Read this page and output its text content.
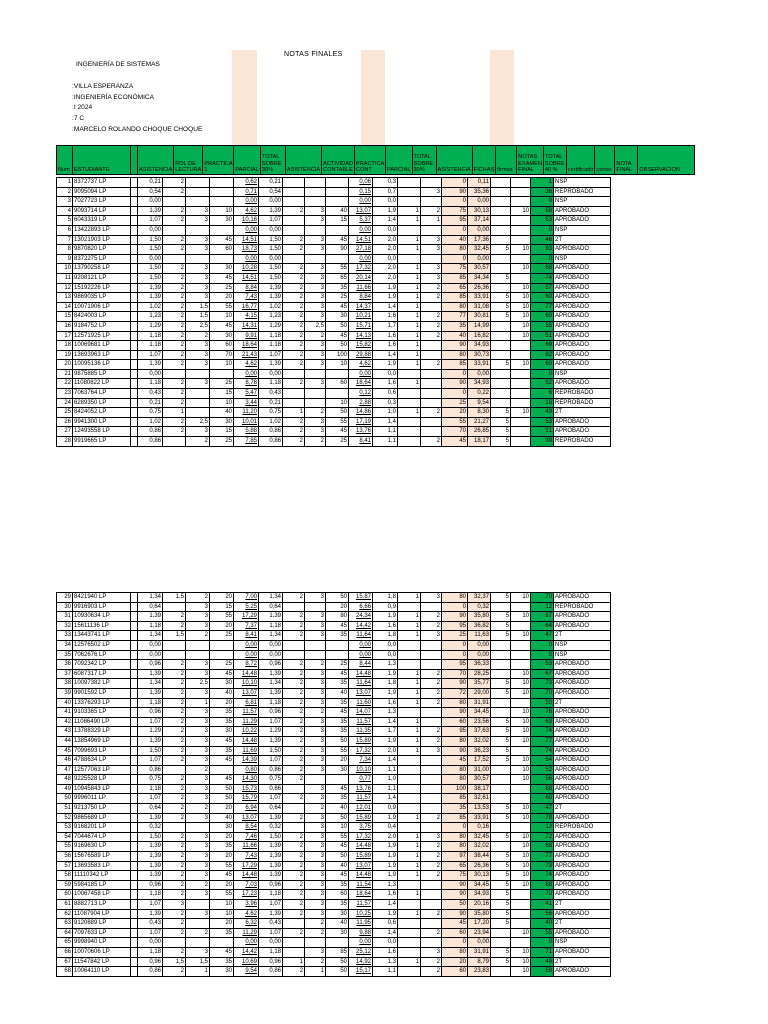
NOTAS FINALES
INGENIERÍA DE SISTEMAS
:VILLA ESPERANZA
:INGENIERÍA ECONÓMICA
:I 2024
:7 C
:MARCELO ROLANDO CHOQUE CHOQUE
Num	ESTUDIANTE		ASISTENCIA	ROL DE LECTURA	PRACTICA 1	PARCIAL	TOTAL SOBRE 30%	ASISTENCIA	ACTIVIDAD CONTABLE	PRACTICA CONT	PARCIAL	TOTAL SOBRE 30%	ASISTENCIA	FICHAS	firmas	NOTAS EXAMEN FINAL	TOTAL SOBRE 40 %	certificado	censo	NOTA FINAL	OBSERVACION
1	8372737 LP		0,21	2			0,62	0,21				0,06	0,3			0	0,11			1	NSP
2	9095094 LP		0,54	2			0,71	0,54				0,15	0,7		3	90	35,36			36	REPROBADO
3	7027723 LP		0,00				0,00	0,00				0,00	0,0			0	0,00			0	NSP
4	9093714 LP		1,39	2	3	10	4,62	1,39	2	3	40	13,07	1,9	1	2	75	30,13		10	58	APROBADO
5	6043319 LP		1,07	2	3	30	10,16	1,07		3	15	5,37	1,4	1	1	95	37,14			53	APROBADO
6	13422893 LP		0,00				0,00	0,00				0,00	0,0			0	0,00			0	NSP
7	13021903 LP		1,50	2	3	45	14,51	1,50	2	3	45	14,51	2,0	1	3	40	17,36			46	2T
8	9870820 LP		1,50	2	3	60	18,73	1,50	2	3	90	27,18	2,0	1	3	80	32,45	5	10	93	APROBADO
9	8372275 LP		0,00				0,00	0,00				0,00	0,0			0	0,00			0	NSP
10	13790258 LP		1,50	2	3	30	10,28	1,50	2	3	55	17,32	2,0	1	3	75	30,57		10	68	APROBADO
11	9208121 LP		1,50	2	3	45	14,51	1,50	2	3	65	20,14	2,0	1	3	85	34,34	5		74	APROBADO
12	15192226 LP		1,39	2	3	25	8,84	1,39	2	3	35	11,66	1,9	1	2	65	26,36		10	57	APROBADO
13	9869035 LP		1,39	2	3	20	7,43	1,39	2	3	25	8,84	1,9	1	2	85	33,91	5	10	60	APROBADO
14	10071906 LP		1,02	2	1,5	55	16,77	1,02	2	3	45	14,37	1,4	1		80	31,08	5	10	77	APROBADO
15	8424003 LP		1,23	2	1,5	10	4,15	1,23	2	3	30	10,21	1,6	1	2	77	30,81	5	10	60	APROBADO
16	9184752 LP		1,29	2	2,5	45	14,31	1,29	2	2,5	50	15,71	1,7	1	2	35	14,99		10	55	APROBADO
17	12571925 LP		1,18	2	2	30	9,91	1,18	2	2	45	14,13	1,6	1	2	40	16,82		10	51	APROBADO
18	10069681 LP		1,18	2	3	60	18,64	1,18	2	3	50	15,82	1,6	1		90	34,93			69	APROBADO
19	13693963 LP		1,07	2	3	70	21,43	1,07	2	3	100	29,88	1,4	1		80	30,73			82	APROBADO
20	10095136 LP		1,39	2	3	10	4,62	1,39	2	3	10	4,62	1,9	1	2	85	33,91	5	10	60	APROBADO
21	9875885 LP		0,00				0,00	0,00				0,00	0,0			0	0,00			0	NSP
22	11080822 LP		1,18	2	3	25	8,78	1,18	2	3	60	18,64	1,6	1		90	34,93			62	APROBADO
23	7063764 LP		0,43	2		15	5,47	0,43				0,12	0,6			0	0,22			6	REPROBADO
24	6289350 LP		0,21	2		10	3,44	0,21			10	2,88	0,3			25	9,54			16	REPROBADO
25	8424052 LP		0,75	1		40	11,20	0,75	1	2	50	14,86	1,0	1	2	20	8,30	5	10	49	2T
26	9941300 LP		1,02	2	2,5	30	10,01	1,02	2	3	55	17,19	1,4			55	21,27	5		53	APROBADO
27	12493558 LP		0,86	2	3	15	5,88	0,86	2	3	45	13,76	1,1			70	26,85	5		51	APROBADO
28	9919665 LP		0,86		2	25	7,85	0,86	2	2	25	8,41	1,1		2	45	18,17	5		39	REPROBADO
29	8421940 LP		1,34	1,5	2	20	7,00	1,34	2	3	50	15,87	1,8	1	3	80	32,37	5	10	70	APROBADO
30	9916903 LP		0,64		3	15	5,25	0,64			20	6,66	0,9			0	0,32			12	REPROBADO
31	10930634 LP		1,39	2	3	55	17,29	1,39	2	3	80	24,34	1,9	1	2	90	35,80	5	10	87	APROBADO
32	15611136 LP		1,18	2	3	20	7,37	1,18	2	3	45	14,42	1,6	1	2	95	36,82	5		64	APROBADO
33	13443741 LP		1,34	1,5	2	25	8,41	1,34	2	3	35	11,64	1,8	1	3	25	11,63	5	10	47	2T
34	12576502 LP		0,00				0,00	0,00				0,00	0,0			0	0,00			0	NSP
35	7062676 LP		0,00				0,00	0,00				0,00	0,0			0	0,00			0	NSP
36	7092342 LP		0,96	2	3	25	8,72	0,96	2	2	25	8,44	1,3			95	36,33			53	APROBADO
37	6087317 LP		1,39	2	3	45	14,48	1,39	2	3	45	14,48	1,9	1	2	70	28,25		10	67	APROBADO
38	10097382 LP		1,34	2	2,5	30	10,10	1,34	2	3	35	11,64	1,8	1	2	90	35,77	5	10	73	APROBADO
39	9901592 LP		1,39	2	3	40	13,07	1,39	2	3	40	13,07	1,9	1	2	72	29,00	5	10	70	APROBADO
40	13376293 LP		1,18	2	1	20	6,81	1,18	2	3	35	11,60	1,6	1	2	80	31,91			50	2T
41	9103365 LP		0,96	2	3	35	11,57	0,96	2	2	45	14,07	1,3			90	34,45		10	76	APROBADO
42	11086490 LP		1,07	2	3	35	11,29	1,07	2	3	35	11,57	1,4	1		60	23,56	5	10	63	APROBADO
43	13788329 LP		1,29	2	3	30	10,22	1,29	2	3	35	11,35	1,7	1	2	95	37,63	5	10	74	APROBADO
44	13854969 LP		1,39	2	3	45	14,48	1,39	2	3	50	15,89	1,9	1	2	80	32,02	5	10	77	APROBADO
45	7099693 LP		1,50	2	3	35	11,69	1,50	2	3	55	17,32	2,0	1	3	90	36,23	5		74	APROBADO
46	4788634 LP		1,07	2	3	45	14,39	1,07	2	3	20	7,34	1,4			45	17,52	5	10	54	APROBADO
47	12577063 LP		0,86		2		0,80	0,86	2	3	30	10,10	1,1			80	31,00		10	52	APROBADO
48	9225528 LP		0,75	2	3	45	14,30	0,75	2			0,77	1,0			80	30,57		10	56	APROBADO
49	10945843 LP		1,18	2	3	50	15,73	0,86		3	45	13,76	1,1			100	38,17			68	APROBADO
50	9996011 LP		1,07	2	3	50	15,79	1,07	2	3	35	11,57	1,4			85	32,61			60	APROBADO
51	9213750 LP		0,64	2	2	20	6,94	0,64		2	40	12,01	0,9			35	13,53	5	10	47	2T
52	9865689 LP		1,39	2	3	40	13,07	1,39	2	3	50	15,89	1,9	1	2	85	33,91	5	10	78	APROBADO
53	9168201 LP		0,32			30	8,54	0,32		3	10	3,75	0,4			0	0,16			12	REPROBADO
54	7044674 LP		1,50	2	3	20	7,46	1,50	2	3	55	17,32	2,0	1	3	80	32,45	5	10	72	APROBADO
55	9169630 LP		1,39	2	3	35	11,66	1,39	2	3	45	14,48	1,9	1	2	80	32,02		10	68	APROBADO
56	15676589 LP		1,39	2	3	20	7,43	1,39	2	3	50	15,89	1,9	1	2	97	38,44	5	10	77	APROBADO
57	13693583 LP		1,39	2	3	55	17,29	1,39	2	3	40	13,07	1,9	1	2	65	26,36	5	10	73	APROBADO
58	11110342 LP		1,39	2	3	45	14,48	1,39	2	3	45	14,48	1,9	1	2	75	30,13	5	10	74	APROBADO
59	5984185 LP		0,96	2	2	20	7,03	0,96	2	3	35	11,54	1,3			90	34,45	5	10	68	APROBADO
60	10067458 LP		1,18	2	3	55	17,23	1,18	2	3	60	18,64	1,6	1		90	34,93	5		70	APROBADO
61	8882713 LP		1,07	3		10	3,96	1,07	2	3	35	11,57	1,4			50	20,16	5		41	2T
62	11087904 LP		1,39	2	3	10	4,62	1,39	2	3	30	10,25	1,9	1	2	90	35,80	5		56	APROBADO
63	9120889 LP		0,43	2		20	6,32	0,43		2	40	11,95	0,6			45	17,20	5		40	2T
64	7097633 LP		1,07	2	2	35	11,29	1,07	2	2	30	9,88	1,4		2	60	23,94		10	55	APROBADO
65	9998940 LP		0,00				0,00	0,00				0,00	0,0			0	0,00			0	NSP
66	10070606 LP		1,18	2	3	45	14,42	1,18		3	85	25,12	1,6		3	80	31,91	5	10	71	APROBADO
67	11547842 LP		0,96	1,5	1,5	35	10,69	0,96	1	2	50	14,92	1,3	1	2	20	8,79	5	10	49	2T
68	10064110 LP		0,86	2	1	30	9,54	0,86	2	1	50	15,17	1,1		2	60	23,83		10	59	APROBADO
